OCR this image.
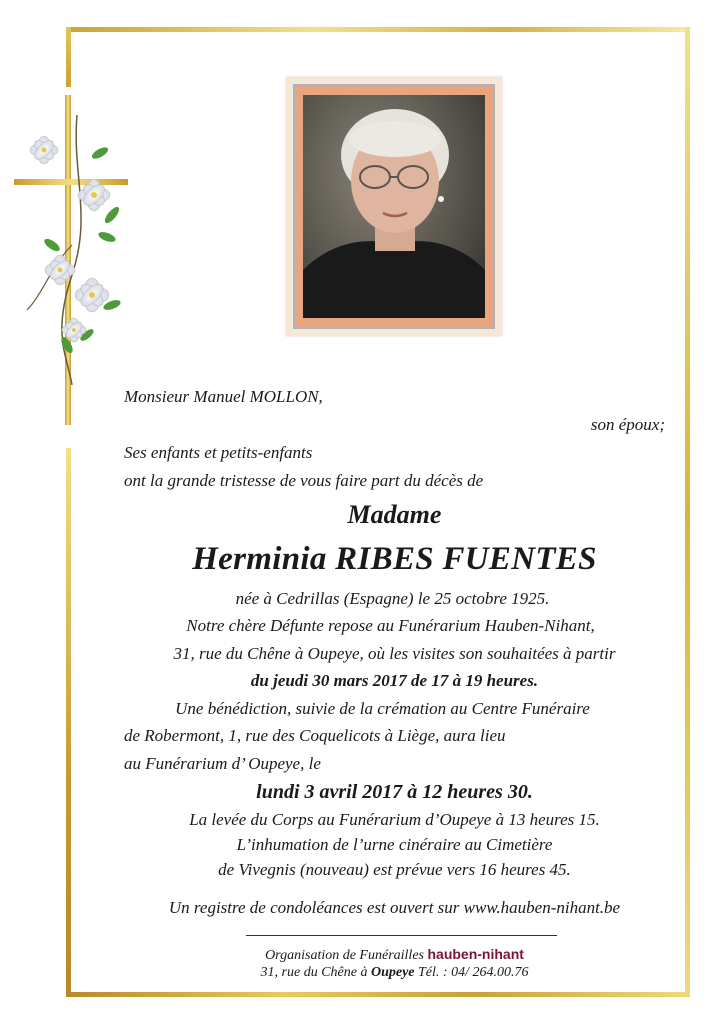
Monsieur Manuel MOLLON,
son époux;
Ses enfants et petits-enfants
ont la grande tristesse de vous faire part du décès de
Madame
Herminia RIBES FUENTES
née à Cedrillas (Espagne) le 25 octobre 1925.
Notre chère Défunte repose au Funérarium Hauben-Nihant,
31, rue du Chêne à Oupeye, où les visites son souhaitées à partir
du jeudi 30 mars 2017 de 17 à 19 heures.
Une bénédiction, suivie de la crémation au Centre Funéraire
de Robermont, 1, rue des Coquelicots à Liège, aura lieu
au Funérarium d’ Oupeye, le
lundi 3 avril 2017 à 12 heures 30.
La levée du Corps au Funérarium d’Oupeye à 13 heures 15.
L’inhumation de l’urne cinéraire au Cimetière
de Vivegnis (nouveau) est prévue vers 16 heures 45.
Un registre de condoléances est ouvert sur www.hauben-nihant.be
Organisation de Funérailles hauben-nihant
31, rue du Chêne à Oupeye Tél. : 04/ 264.00.76
